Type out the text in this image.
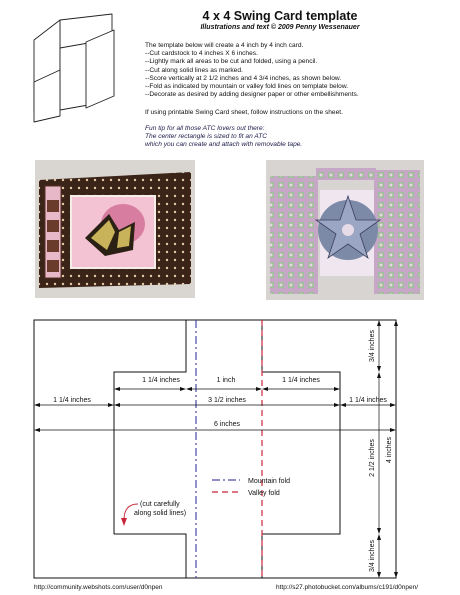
4 x 4 Swing Card template
Illustrations and text © 2009 Penny Wessenauer
The template below will create a 4 inch by 4 inch card.
--Cut cardstock to 4 inches X 6 inches.
--Lightly mark all areas to be cut and folded, using a pencil.
--Cut along solid lines as marked.
--Score vertically at 2 1/2 inches and 4 3/4 inches, as shown below.
--Fold as indicated by mountain or valley fold lines on template below.
--Decorate as desired by adding designer paper or other embellishments.
If using printable Swing Card sheet, follow instructions on the sheet.
Fun tip for all those ATC lovers out there:
The center rectangle is sized to fit an ATC
which you can create and attach with removable tape.
1 1/4 inches	1 inch	1 1/4 inches
1 1/4 inches	3 1/2 inches	1 1/4 inches
6 inches
3/4 inches
2 1/2 inches
3/4 inches
4 inches
Mountain fold
Valley fold
(cut carefully
along solid lines)
http://community.webshots.com/user/d0npen	http://s27.photobucket.com/albums/c191/d0npen/
